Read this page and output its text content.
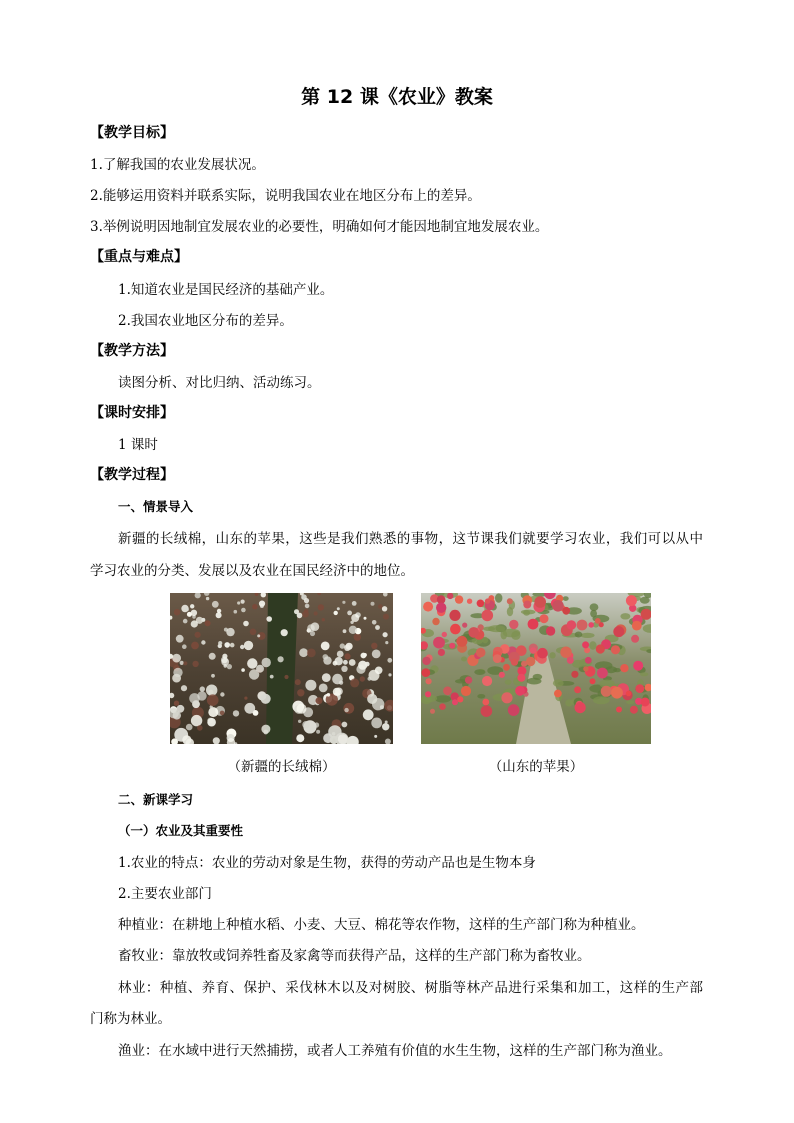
第 12 课《农业》教案
【教学目标】
1.了解我国的农业发展状况。
2.能够运用资料并联系实际，说明我国农业在地区分布上的差异。
3.举例说明因地制宜发展农业的必要性，明确如何才能因地制宜地发展农业。
【重点与难点】
1.知道农业是国民经济的基础产业。
2.我国农业地区分布的差异。
【教学方法】
读图分析、对比归纳、活动练习。
【课时安排】
1 课时
【教学过程】
一、情景导入
新疆的长绒棉，山东的苹果，这些是我们熟悉的事物，这节课我们就要学习农业，我们可以从中
学习农业的分类、发展以及农业在国民经济中的地位。
（新疆的长绒棉）	（山东的苹果）
二、新课学习
（一）农业及其重要性
1.农业的特点：农业的劳动对象是生物，获得的劳动产品也是生物本身
2.主要农业部门
种植业：在耕地上种植水稻、小麦、大豆、棉花等农作物，这样的生产部门称为种植业。
畜牧业：靠放牧或饲养牲畜及家禽等而获得产品，这样的生产部门称为畜牧业。
林业：种植、养育、保护、采伐林木以及对树胶、树脂等林产品进行采集和加工，这样的生产部
门称为林业。
渔业：在水域中进行天然捕捞，或者人工养殖有价值的水生生物，这样的生产部门称为渔业。
